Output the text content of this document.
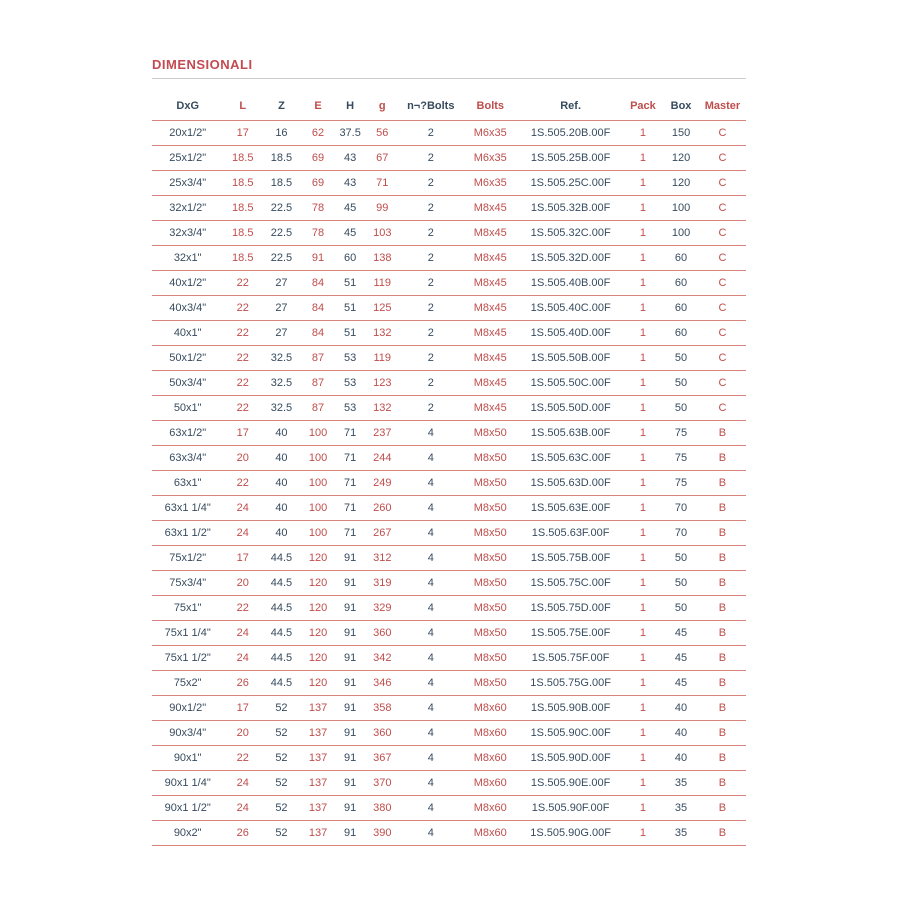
DIMENSIONALI
DxG	L	Z	E	H	g	n¬?Bolts	Bolts	Ref.	Pack	Box	Master
20x1/2"	17	16	62	37.5	56	2	M6x35	1S.505.20B.00F	1	150	C
25x1/2"	18.5	18.5	69	43	67	2	M6x35	1S.505.25B.00F	1	120	C
25x3/4"	18.5	18.5	69	43	71	2	M6x35	1S.505.25C.00F	1	120	C
32x1/2"	18.5	22.5	78	45	99	2	M8x45	1S.505.32B.00F	1	100	C
32x3/4"	18.5	22.5	78	45	103	2	M8x45	1S.505.32C.00F	1	100	C
32x1"	18.5	22.5	91	60	138	2	M8x45	1S.505.32D.00F	1	60	C
40x1/2"	22	27	84	51	119	2	M8x45	1S.505.40B.00F	1	60	C
40x3/4"	22	27	84	51	125	2	M8x45	1S.505.40C.00F	1	60	C
40x1"	22	27	84	51	132	2	M8x45	1S.505.40D.00F	1	60	C
50x1/2"	22	32.5	87	53	119	2	M8x45	1S.505.50B.00F	1	50	C
50x3/4"	22	32.5	87	53	123	2	M8x45	1S.505.50C.00F	1	50	C
50x1"	22	32.5	87	53	132	2	M8x45	1S.505.50D.00F	1	50	C
63x1/2"	17	40	100	71	237	4	M8x50	1S.505.63B.00F	1	75	B
63x3/4"	20	40	100	71	244	4	M8x50	1S.505.63C.00F	1	75	B
63x1"	22	40	100	71	249	4	M8x50	1S.505.63D.00F	1	75	B
63x1 1/4"	24	40	100	71	260	4	M8x50	1S.505.63E.00F	1	70	B
63x1 1/2"	24	40	100	71	267	4	M8x50	1S.505.63F.00F	1	70	B
75x1/2"	17	44.5	120	91	312	4	M8x50	1S.505.75B.00F	1	50	B
75x3/4"	20	44.5	120	91	319	4	M8x50	1S.505.75C.00F	1	50	B
75x1"	22	44.5	120	91	329	4	M8x50	1S.505.75D.00F	1	50	B
75x1 1/4"	24	44.5	120	91	360	4	M8x50	1S.505.75E.00F	1	45	B
75x1 1/2"	24	44.5	120	91	342	4	M8x50	1S.505.75F.00F	1	45	B
75x2"	26	44.5	120	91	346	4	M8x50	1S.505.75G.00F	1	45	B
90x1/2"	17	52	137	91	358	4	M8x60	1S.505.90B.00F	1	40	B
90x3/4"	20	52	137	91	360	4	M8x60	1S.505.90C.00F	1	40	B
90x1"	22	52	137	91	367	4	M8x60	1S.505.90D.00F	1	40	B
90x1 1/4"	24	52	137	91	370	4	M8x60	1S.505.90E.00F	1	35	B
90x1 1/2"	24	52	137	91	380	4	M8x60	1S.505.90F.00F	1	35	B
90x2"	26	52	137	91	390	4	M8x60	1S.505.90G.00F	1	35	B
